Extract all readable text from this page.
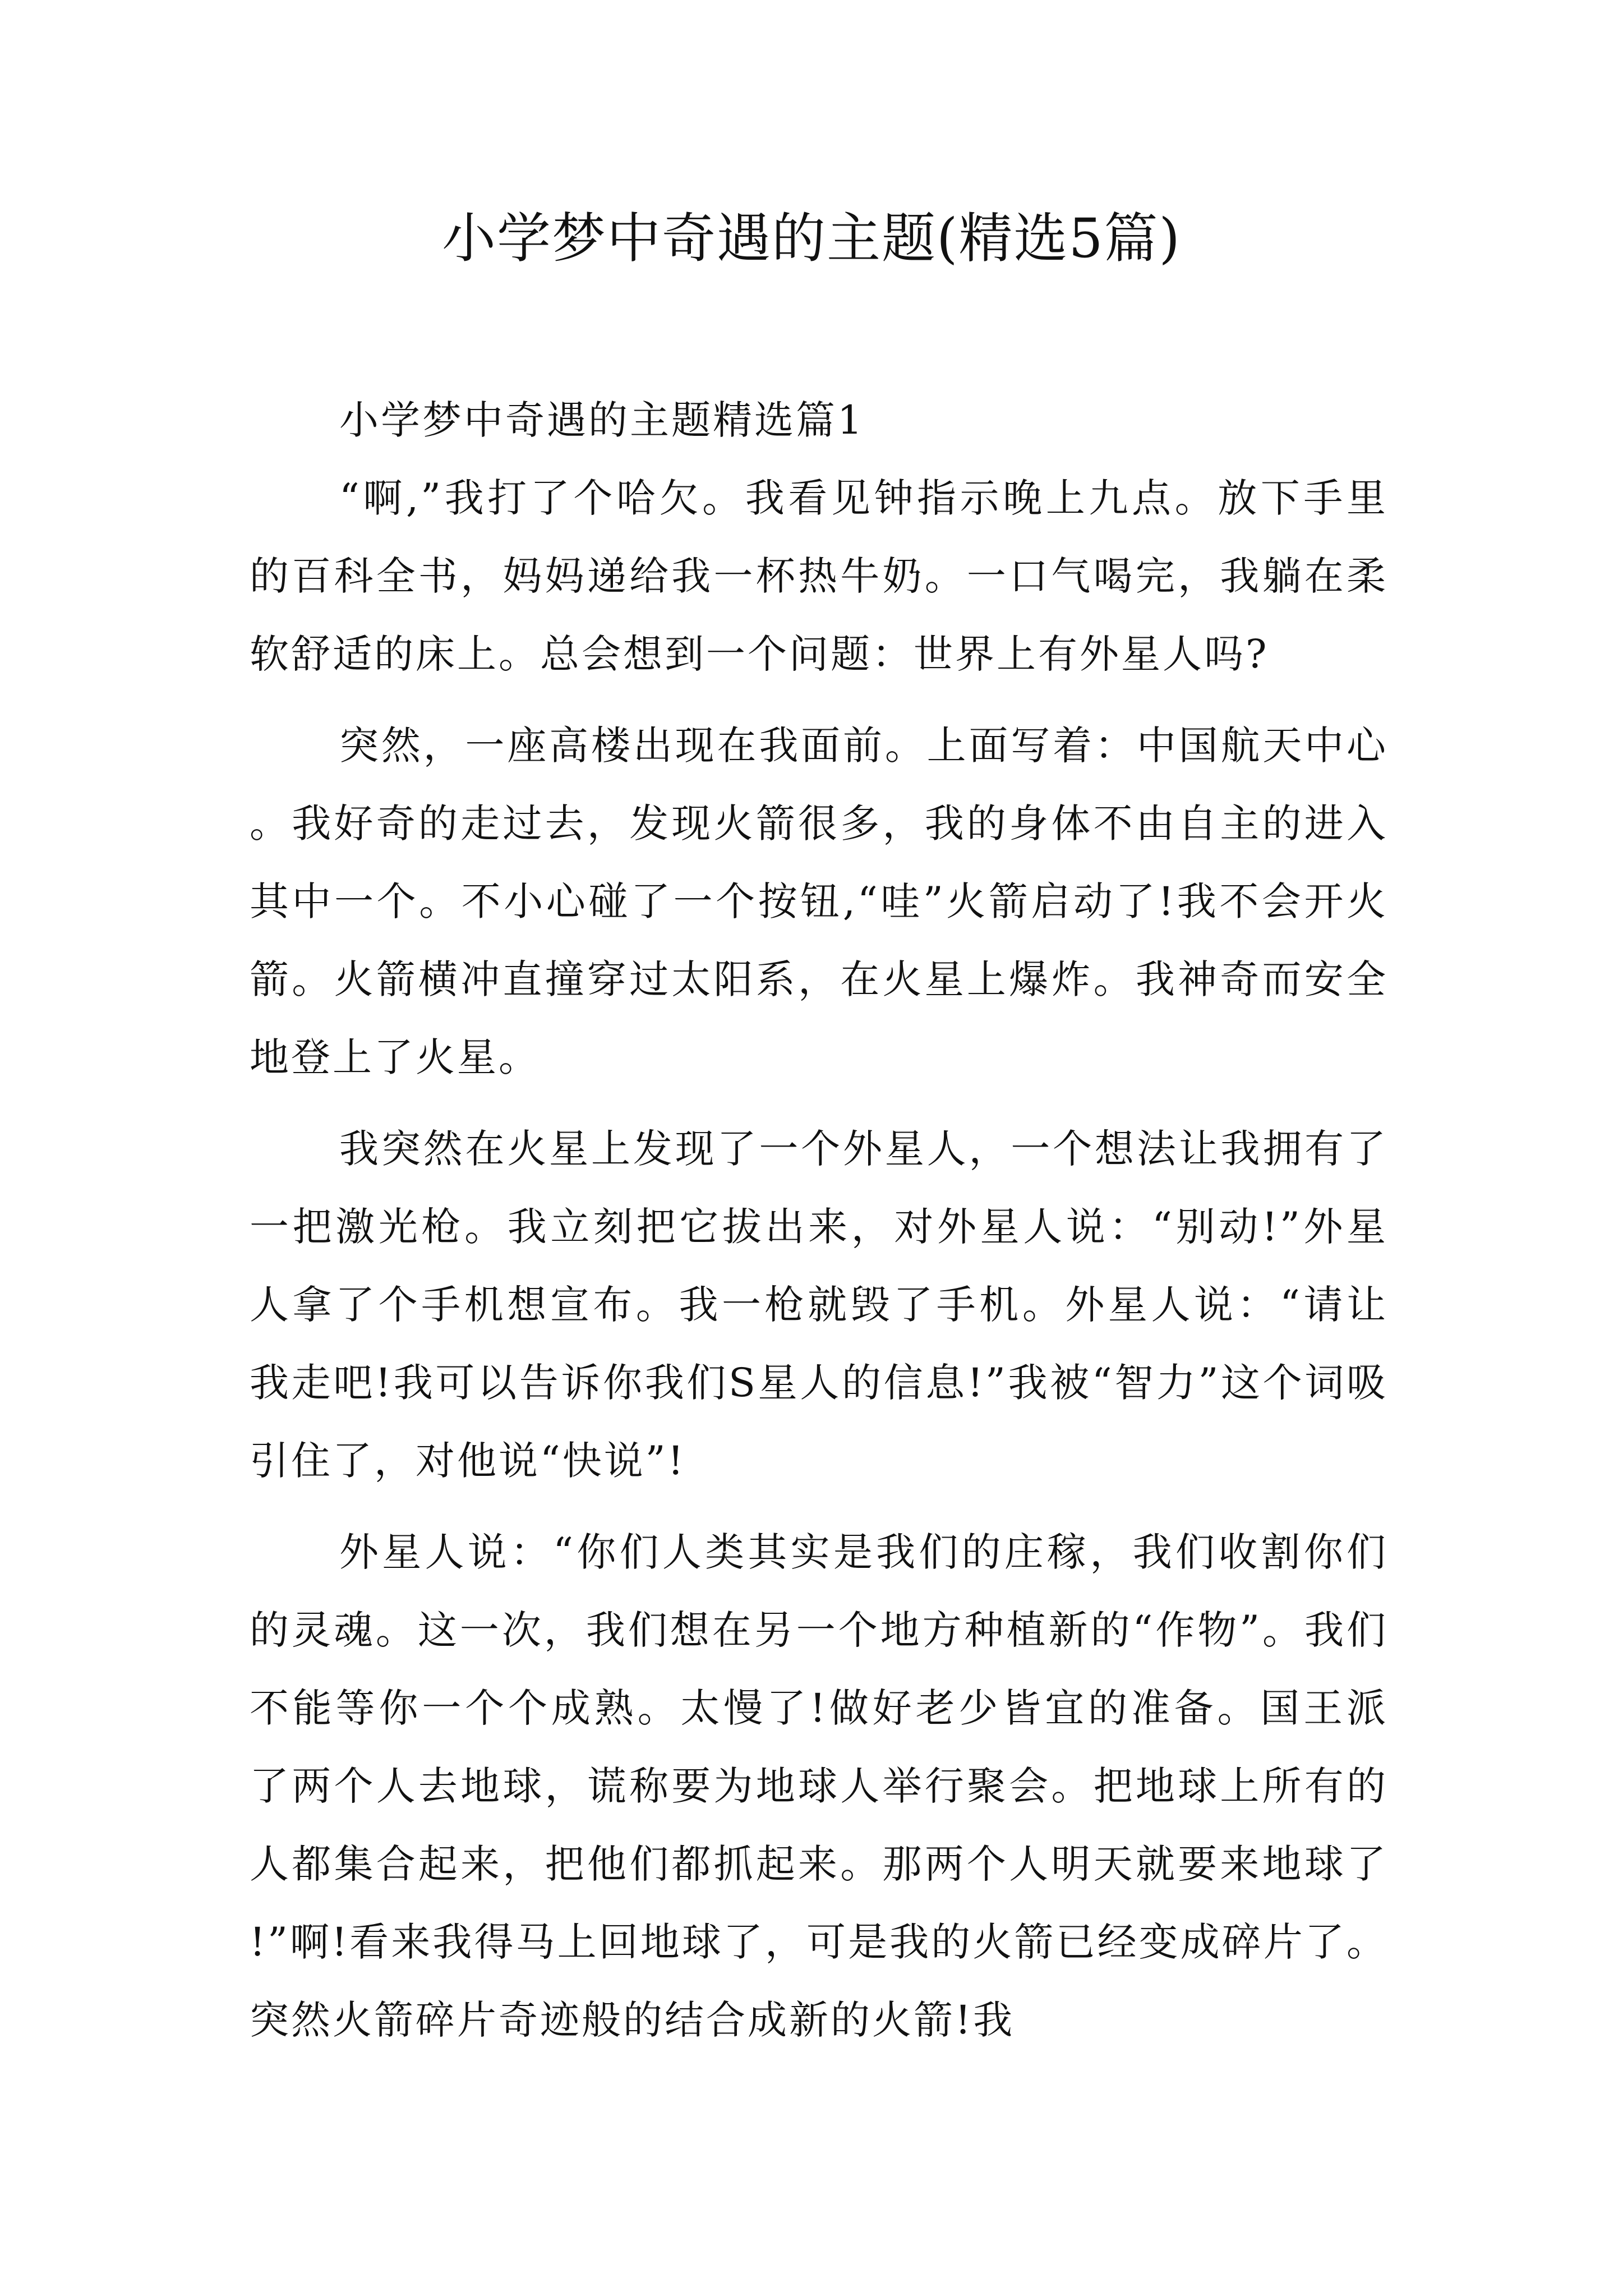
小学梦中奇遇的主题(精选5篇)
小学梦中奇遇的主题精选篇1

“啊,”我打了个哈欠。我看见钟指示晚上九点。放下手里的百科全书，妈妈递给我一杯热牛奶。一口气喝完，我躺在柔软舒适的床上。总会想到一个问题：世界上有外星人吗?

突然，一座高楼出现在我面前。上面写着：中国航天中心。我好奇的走过去，发现火箭很多，我的身体不由自主的进入其中一个。不小心碰了一个按钮,“哇”火箭启动了!我不会开火箭。火箭横冲直撞穿过太阳系，在火星上爆炸。我神奇而安全地登上了火星。

我突然在火星上发现了一个外星人，一个想法让我拥有了一把激光枪。我立刻把它拔出来，对外星人说：“别动!”外星人拿了个手机想宣布。我一枪就毁了手机。外星人说：“请让我走吧!我可以告诉你我们S星人的信息!”我被“智力”这个词吸引住了，对他说“快说”!

外星人说：“你们人类其实是我们的庄稼，我们收割你们的灵魂。这一次，我们想在另一个地方种植新的“作物”。我们不能等你一个个成熟。太慢了!做好老少皆宜的准备。国王派了两个人去地球，谎称要为地球人举行聚会。把地球上所有的人都集合起来，把他们都抓起来。那两个人明天就要来地球了!”啊!看来我得马上回地球了，可是我的火箭已经变成碎片了。突然火箭碎片奇迹般的结合成新的火箭!我
